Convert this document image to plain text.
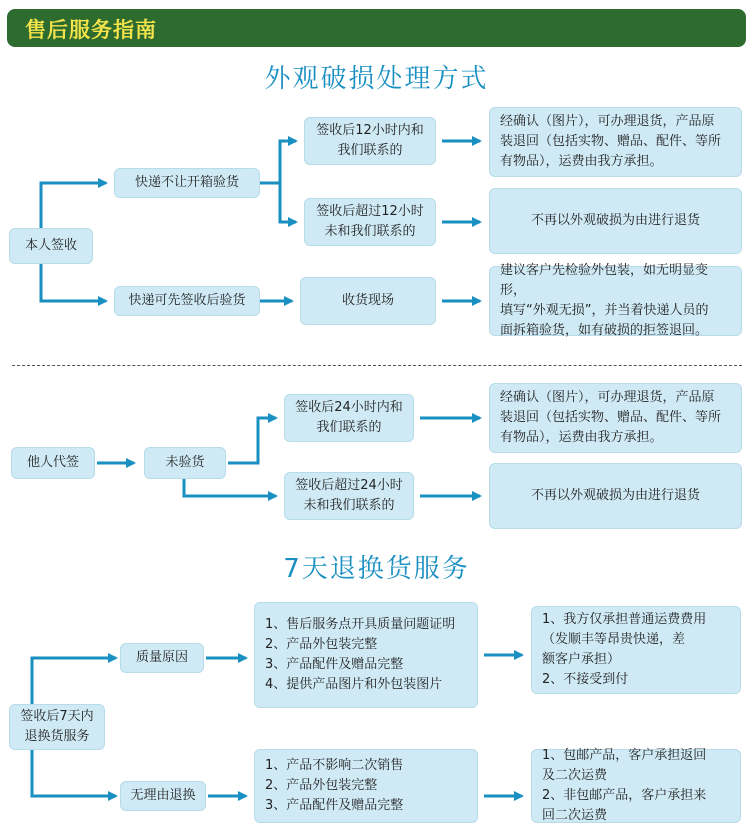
售后服务指南
外观破损处理方式
本人签收
快递不让开箱验货
快递可先签收后验货
签收后12小时内和
我们联系的
签收后超过12小时
未和我们联系的
收货现场
经确认（图片），可办理退货，产品原
装退回（包括实物、赠品、配件、等所
有物品），运费由我方承担。
不再以外观破损为由进行退货
建议客户先检验外包装，如无明显变形，
填写“外观无损”，并当着快递人员的
面拆箱验货，如有破损的拒签退回。
他人代签	未验货
签收后24小时内和
我们联系的
签收后超过24小时
未和我们联系的
经确认（图片），可办理退货，产品原
装退回（包括实物、赠品、配件、等所
有物品），运费由我方承担。
不再以外观破损为由进行退货
7天退换货服务
签收后7天内
退换货服务
质量原因
无理由退换
1、售后服务点开具质量问题证明
2、产品外包装完整
3、产品配件及赠品完整
4、提供产品图片和外包装图片
1、产品不影响二次销售
2、产品外包装完整
3、产品配件及赠品完整
1、我方仅承担普通运费费用
（发顺丰等昂贵快递，差
额客户承担）
2、不接受到付
1、包邮产品，客户承担返回
及二次运费
2、非包邮产品，客户承担来
回二次运费
